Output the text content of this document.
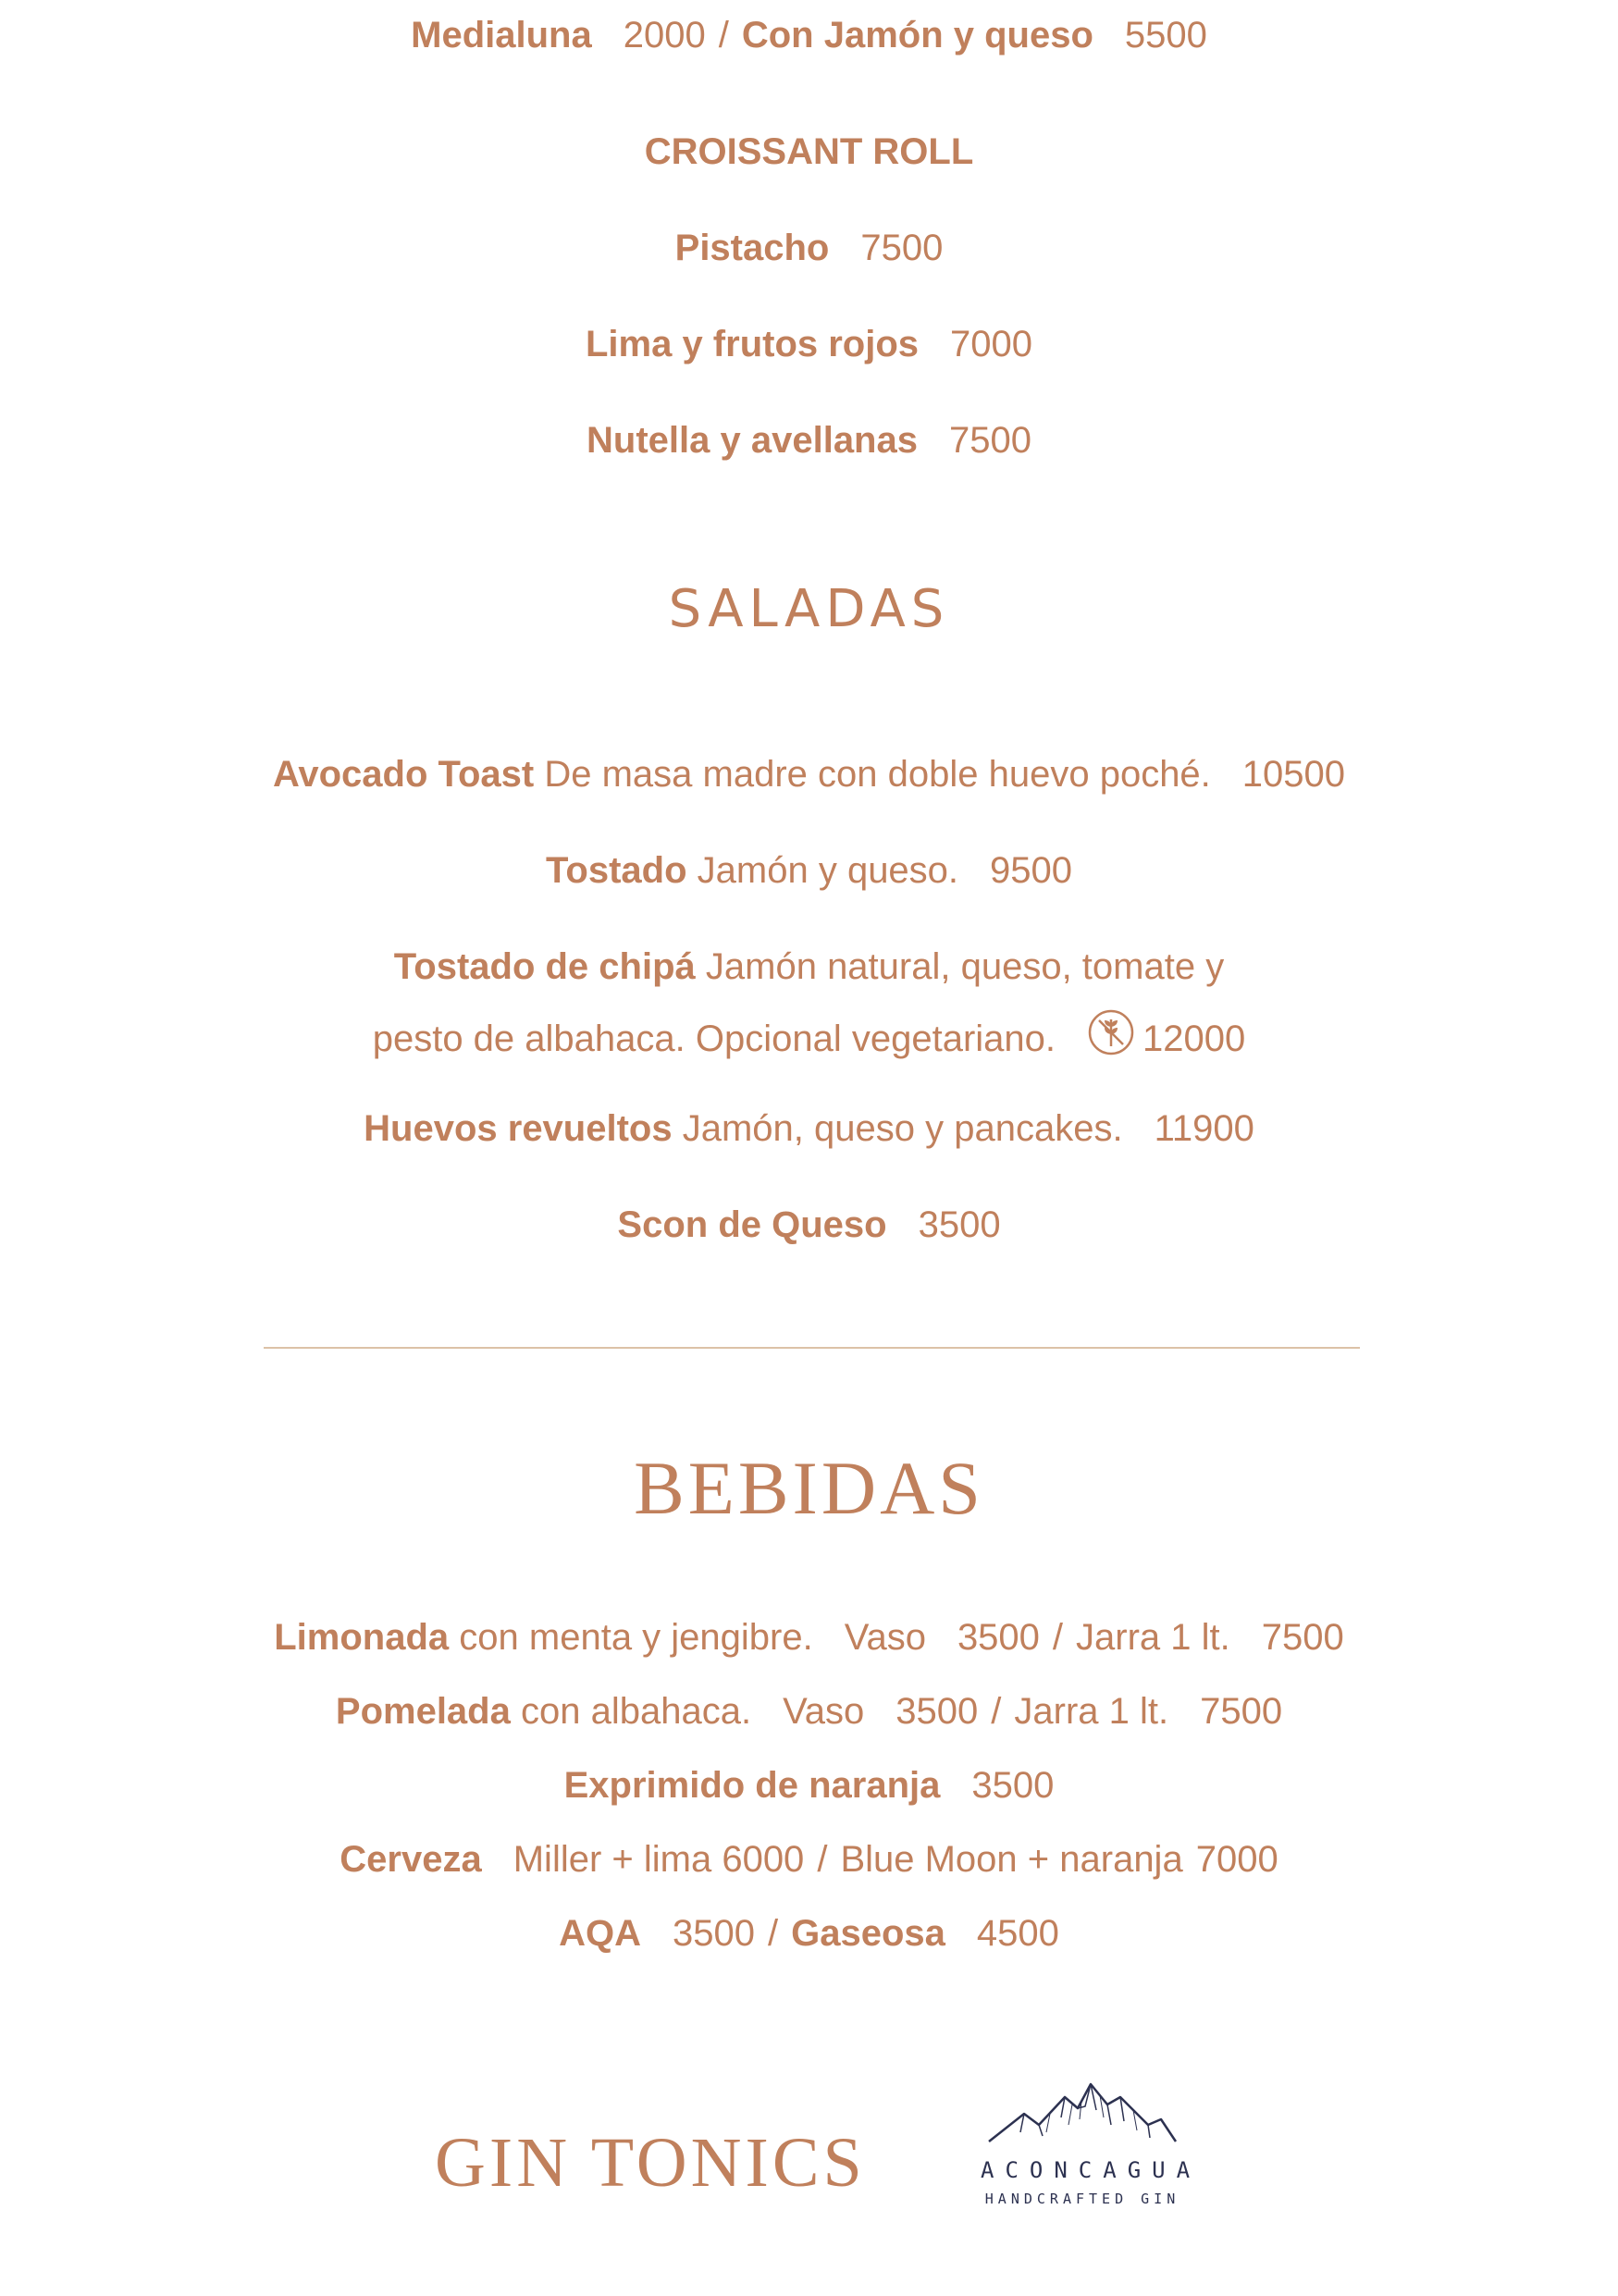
Medialuna 2000 / Con Jamón y queso 5500
CROISSANT ROLL
Pistacho 7500
Lima y frutos rojos 7000
Nutella y avellanas 7500
SALADAS
Avocado Toast De masa madre con doble huevo poché. 10500
Tostado Jamón y queso. 9500
Tostado de chipá Jamón natural, queso, tomate y
pesto de albahaca. Opcional vegetariano. 12000
Huevos revueltos Jamón, queso y pancakes. 11900
Scon de Queso 3500
BEBIDAS
Limonada con menta y jengibre. Vaso 3500 / Jarra 1 lt. 7500
Pomelada con albahaca. Vaso 3500 / Jarra 1 lt. 7500
Exprimido de naranja 3500
Cerveza Miller + lima 6000 / Blue Moon + naranja 7000
AQA 3500 / Gaseosa 4500
GIN TONICS	ACONCAGUA
HANDCRAFTED GIN
